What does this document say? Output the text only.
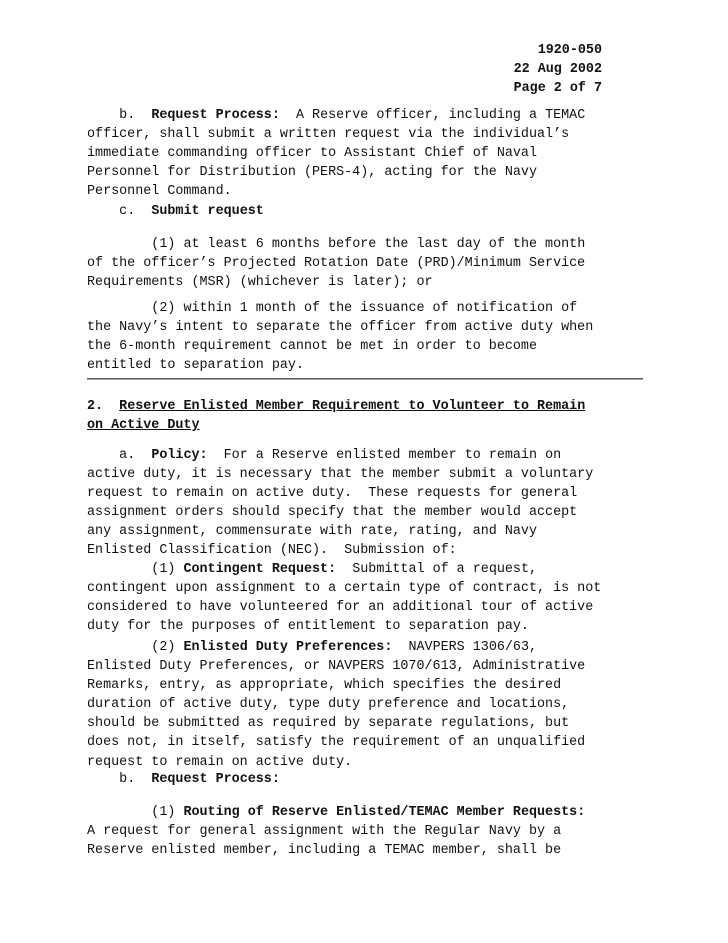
1920-050
22 Aug 2002
Page 2 of 7
b. Request Process: A Reserve officer, including a TEMAC
officer, shall submit a written request via the individual’s
immediate commanding officer to Assistant Chief of Naval
Personnel for Distribution (PERS-4), acting for the Navy
Personnel Command.
c. Submit request
(1) at least 6 months before the last day of the month
of the officer’s Projected Rotation Date (PRD)/Minimum Service
Requirements (MSR) (whichever is later); or
(2) within 1 month of the issuance of notification of
the Navy’s intent to separate the officer from active duty when
the 6-month requirement cannot be met in order to become
entitled to separation pay.
2. Reserve Enlisted Member Requirement to Volunteer to Remain
on Active Duty
a. Policy: For a Reserve enlisted member to remain on
active duty, it is necessary that the member submit a voluntary
request to remain on active duty.  These requests for general
assignment orders should specify that the member would accept
any assignment, commensurate with rate, rating, and Navy
Enlisted Classification (NEC).  Submission of:
(1) Contingent Request: Submittal of a request,
contingent upon assignment to a certain type of contract, is not
considered to have volunteered for an additional tour of active
duty for the purposes of entitlement to separation pay.
(2) Enlisted Duty Preferences: NAVPERS 1306/63,
Enlisted Duty Preferences, or NAVPERS 1070/613, Administrative
Remarks, entry, as appropriate, which specifies the desired
duration of active duty, type duty preference and locations,
should be submitted as required by separate regulations, but
does not, in itself, satisfy the requirement of an unqualified
request to remain on active duty.
b. Request Process:
(1) Routing of Reserve Enlisted/TEMAC Member Requests:
A request for general assignment with the Regular Navy by a
Reserve enlisted member, including a TEMAC member, shall be
